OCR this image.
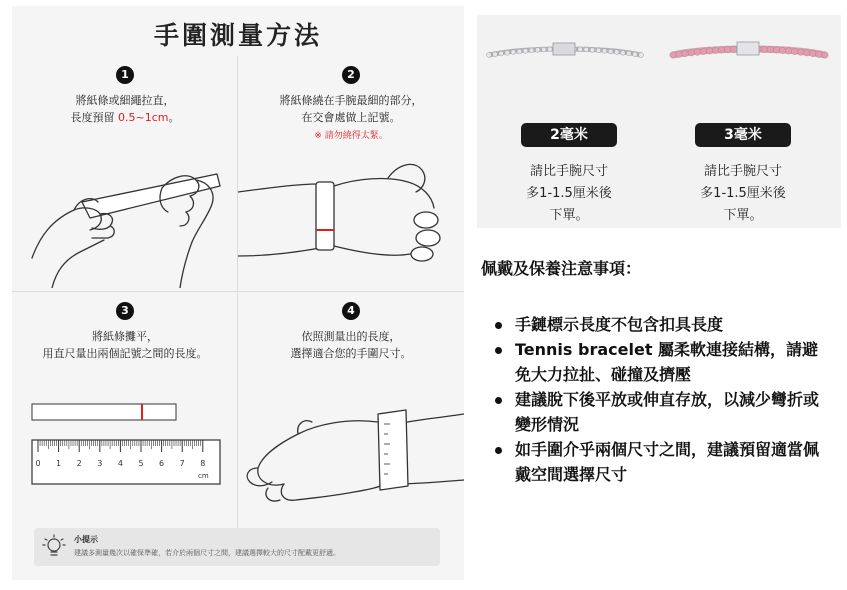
手圍測量方法
1
將紙條或細繩拉直，
長度預留 0.5~1cm。
2
將紙條繞在手腕最細的部分，
在交會處做上記號。
※ 請勿繞得太緊。
3
將紙條攤平，
用直尺量出兩個記號之間的長度。
0 1 2 3 4 5 6 7 8
cm
4
依照測量出的長度，
選擇適合您的手圍尺寸。
小提示
建議多測量幾次以確保準確，若介於兩個尺寸之間，建議選擇較大的尺寸配戴更舒適。
2毫米	3毫米
請比手腕尺寸
多1-1.5厘米後
下單。
請比手腕尺寸
多1-1.5厘米後
下單。
佩戴及保養注意事項：
手鏈標示長度不包含扣具長度
Tennis bracelet 屬柔軟連接結構，請避免大力拉扯、碰撞及擠壓
建議脫下後平放或伸直存放，以減少彎折或變形情況
如手圍介乎兩個尺寸之間，建議預留適當佩戴空間選擇尺寸
